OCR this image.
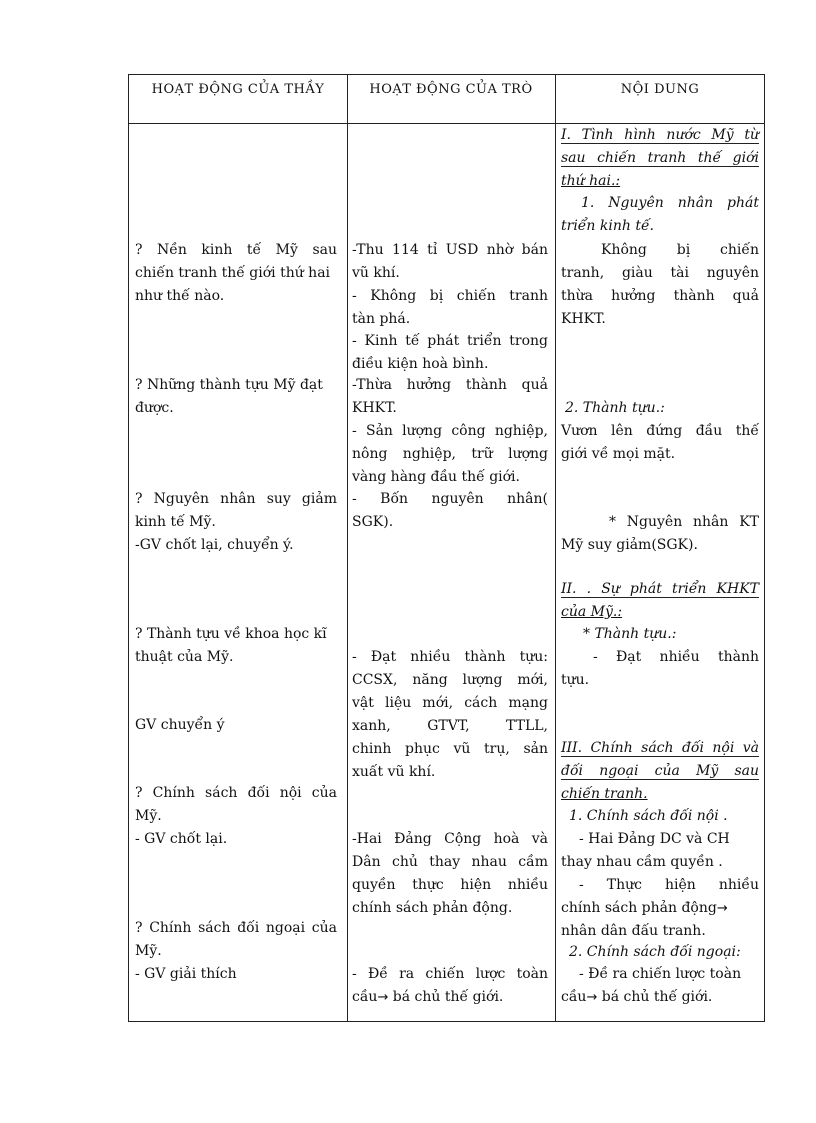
HOẠT ĐỘNG CỦA THẦY	HOẠT ĐỘNG CỦA TRÒ	NỘI DUNG
? Nền kinh tế Mỹ sau
chiến tranh thế giới thứ hai
như thế nào.
? Những thành tựu Mỹ đạt
được.
? Nguyên nhân suy giảm
kinh tế Mỹ.
-GV chốt lại, chuyển ý.
? Thành tựu về khoa học kĩ
thuật của Mỹ.
GV chuyển ý
? Chính sách đối nội của
Mỹ.
- GV chốt lại.
? Chính sách đối ngoại của
Mỹ.
- GV giải thích
-Thu 114 tỉ USD nhờ bán
vũ khí.
- Không bị chiến tranh
tàn phá.
- Kinh tế phát triển trong
điều kiện hoà bình.
-Thừa hưởng thành quả
KHKT.
- Sản lượng công nghiệp,
nông nghiệp, trữ lượng
vàng hàng đầu thế giới.
- Bốn nguyên nhân(
SGK).
- Đạt nhiều thành tựu:
CCSX, năng lượng mới,
vật liệu mới, cách mạng
xanh, GTVT, TTLL,
chinh phục vũ trụ, sản
xuất vũ khí.
-Hai Đảng Cộng hoà và
Dân chủ thay nhau cầm
quyền thực hiện nhiều
chính sách phản động.
- Đề ra chiến lược toàn
cầu→ bá chủ thế giới.
I. Tình hình nước Mỹ từ
sau chiến tranh thế giới
thứ hai.:
1. Nguyên nhân phát
triển kinh tế.
Không bị chiến
tranh, giàu tài nguyên
thừa hưởng thành quả
KHKT.
2. Thành tựu.:
Vươn lên đứng đầu thế
giới về mọi mặt.
* Nguyên nhân KT
Mỹ suy giảm(SGK).
II. . Sự phát triển KHKT
của Mỹ.:
* Thành tựu.:
- Đạt nhiều thành
tựu.
III. Chính sách đối nội và
đối ngoại của Mỹ sau
chiến tranh.
1. Chính sách đối nội .
- Hai Đảng DC và CH
thay nhau cầm quyền .
- Thực hiện nhiều
chính sách phản động→
nhân dân đấu tranh.
2. Chính sách đối ngoại:
- Đề ra chiến lược toàn
cầu→ bá chủ thế giới.
